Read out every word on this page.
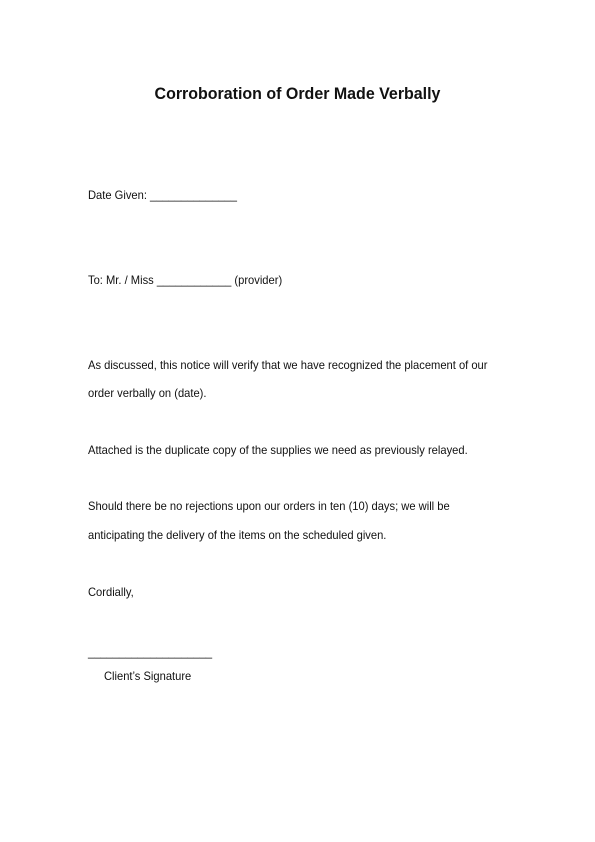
Corroboration of Order Made Verbally
Date Given: ______________
To: Mr. / Miss ____________ (provider)
As discussed, this notice will verify that we have recognized the placement of our
order verbally on (date).
Attached is the duplicate copy of the supplies we need as previously relayed.
Should there be no rejections upon our orders in ten (10) days; we will be
anticipating the delivery of the items on the scheduled given.
Cordially,
____________________
Client’s Signature
